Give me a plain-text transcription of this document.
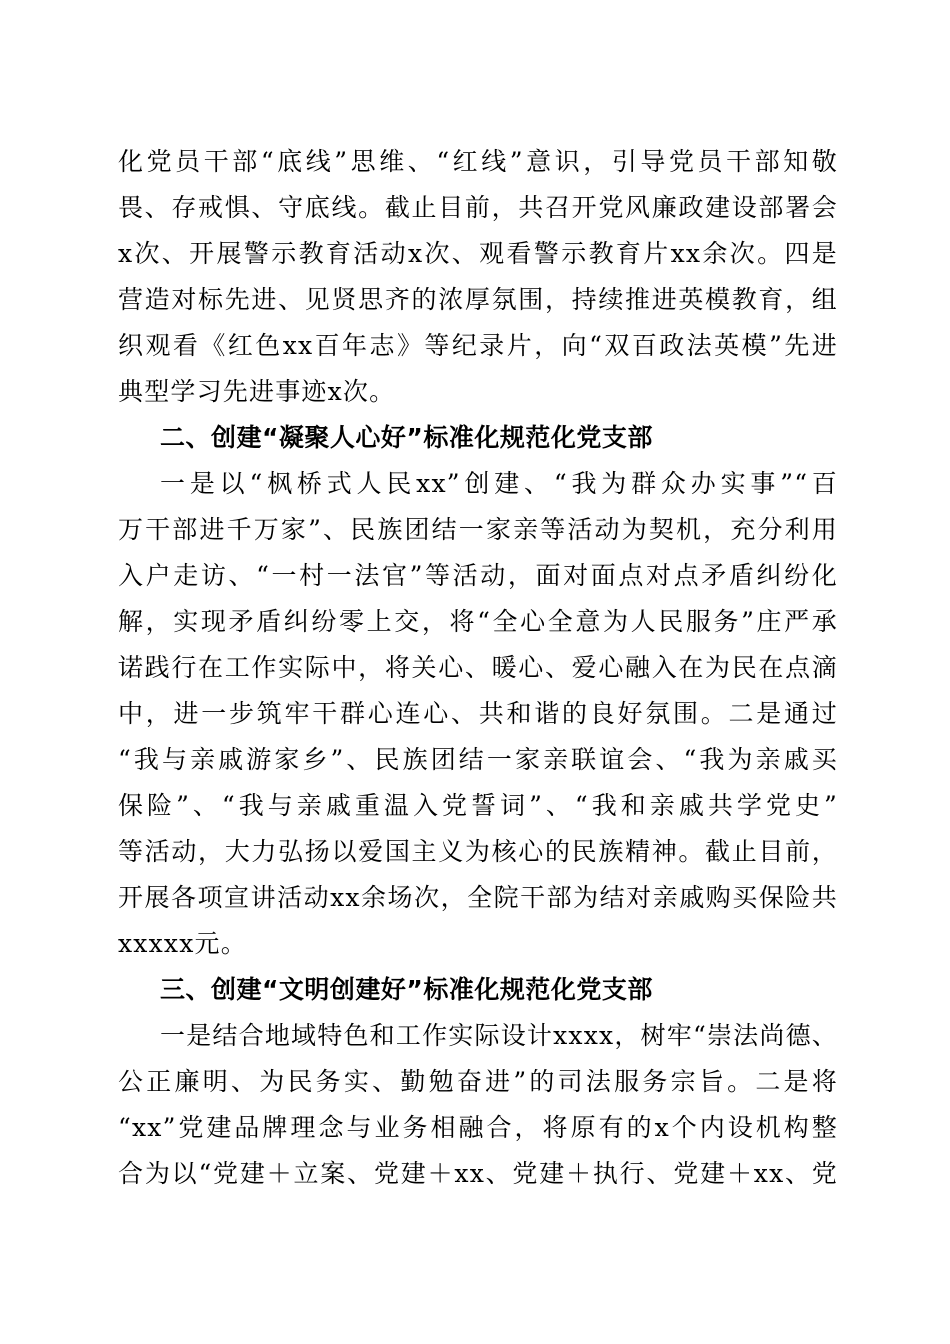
化党员干部“底线”思维、“红线”意识，引导党员干部知敬
畏、存戒惧、守底线。截止目前，共召开党风廉政建设部署会
x次、开展警示教育活动x次、观看警示教育片xx余次。四是
营造对标先进、见贤思齐的浓厚氛围，持续推进英模教育，组
织观看《红色xx百年志》等纪录片，向“双百政法英模”先进
典型学习先进事迹x次。
二、创建“凝聚人心好”标准化规范化党支部
一是以“枫桥式人民xx”创建、“我为群众办实事”“百
万干部进千万家”、民族团结一家亲等活动为契机，充分利用
入户走访、“一村一法官”等活动，面对面点对点矛盾纠纷化
解，实现矛盾纠纷零上交，将“全心全意为人民服务”庄严承
诺践行在工作实际中，将关心、暖心、爱心融入在为民在点滴
中，进一步筑牢干群心连心、共和谐的良好氛围。二是通过
“我与亲戚游家乡”、民族团结一家亲联谊会、“我为亲戚买
保险”、“我与亲戚重温入党誓词”、“我和亲戚共学党史”
等活动，大力弘扬以爱国主义为核心的民族精神。截止目前，
开展各项宣讲活动xx余场次，全院干部为结对亲戚购买保险共
xxxxx元。
三、创建“文明创建好”标准化规范化党支部
一是结合地域特色和工作实际设计xxxx，树牢“崇法尚德、
公正廉明、为民务实、勤勉奋进”的司法服务宗旨。二是将
“xx”党建品牌理念与业务相融合，将原有的x个内设机构整
合为以“党建＋立案、党建＋xx、党建＋执行、党建＋xx、党
